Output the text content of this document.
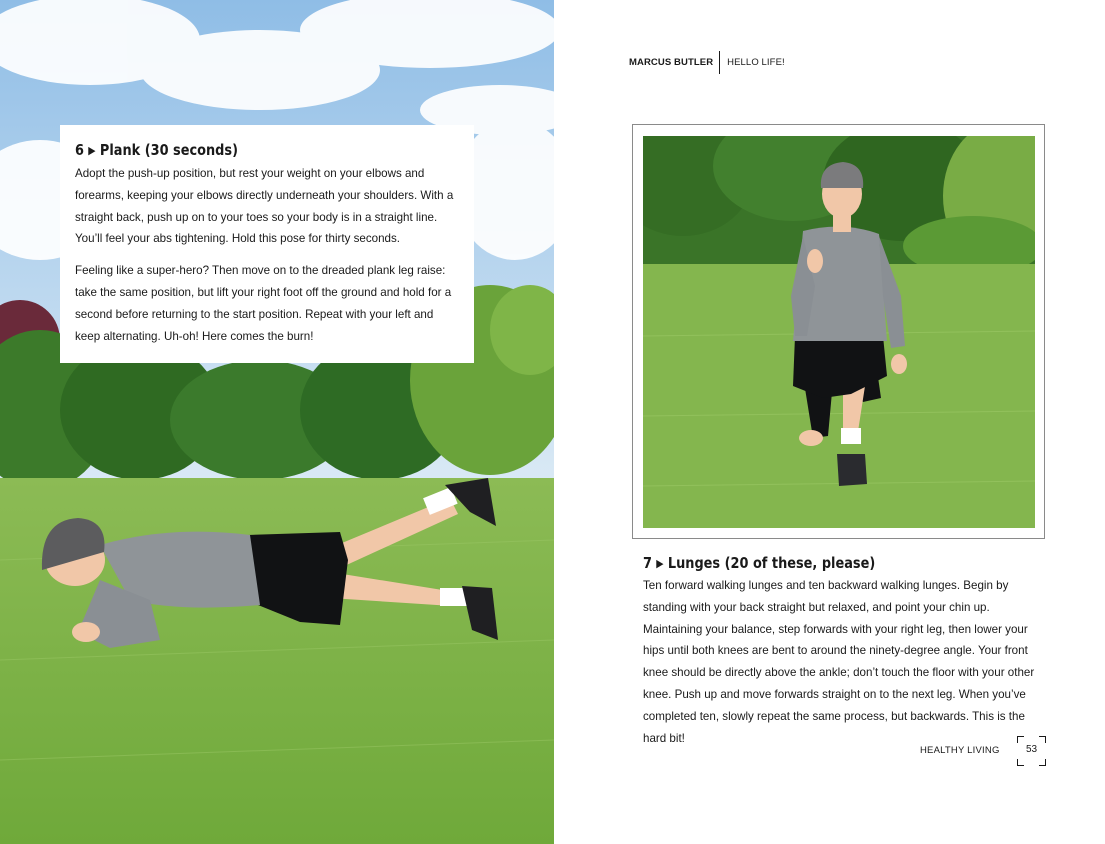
6 ▶ Plank (30 seconds)

Adopt the push-up position, but rest your weight on your elbows and forearms, keeping your elbows directly underneath your shoulders. With a straight back, push up on to your toes so your body is in a straight line. You’ll feel your abs tightening. Hold this pose for thirty seconds.

Feeling like a super-hero? Then move on to the dreaded plank leg raise: take the same position, but lift your right foot off the ground and hold for a second before returning to the start position. Repeat with your left and keep alternating. Uh-oh! Here comes the burn!

MARCUS BUTLER	HELLO LIFE!
7 ▶ Lunges (20 of these, please)

Ten forward walking lunges and ten backward walking lunges. Begin by standing with your back straight but relaxed, and point your chin up. Maintaining your balance, step forwards with your right leg, then lower your hips until both knees are bent to around the ninety-degree angle. Your front knee should be directly above the ankle; don’t touch the floor with your other knee. Push up and move forwards straight on to the next leg. When you’ve completed ten, slowly repeat the same process, but backwards. This is the hard bit!

HEALTHY LIVING	53
